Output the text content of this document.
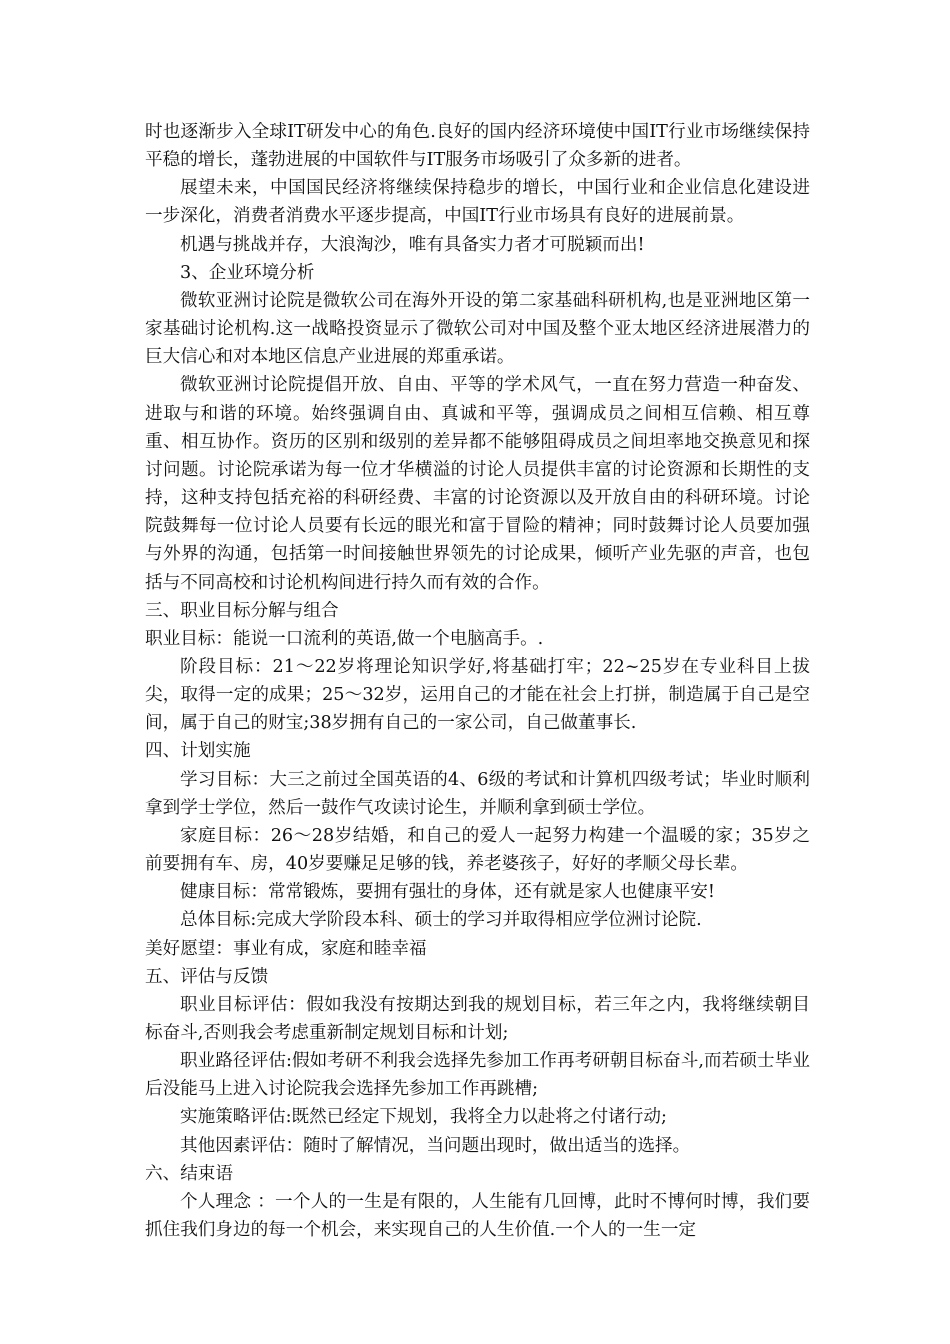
时也逐渐步入全球IT研发中心的角色.良好的国内经济环境使中国IT行业市场继续保持平稳的增长，蓬勃进展的中国软件与IT服务市场吸引了众多新的进者。

展望未来，中国国民经济将继续保持稳步的增长，中国行业和企业信息化建设进一步深化，消费者消费水平逐步提高，中国IT行业市场具有良好的进展前景。

机遇与挑战并存，大浪淘沙，唯有具备实力者才可脱颖而出!

3、企业环境分析

微软亚洲讨论院是微软公司在海外开设的第二家基础科研机构,也是亚洲地区第一家基础讨论机构.这一战略投资显示了微软公司对中国及整个亚太地区经济进展潜力的巨大信心和对本地区信息产业进展的郑重承诺。

微软亚洲讨论院提倡开放、自由、平等的学术风气，一直在努力营造一种奋发、进取与和谐的环境。始终强调自由、真诚和平等，强调成员之间相互信赖、相互尊重、相互协作。资历的区别和级别的差异都不能够阻碍成员之间坦率地交换意见和探讨问题。讨论院承诺为每一位才华横溢的讨论人员提供丰富的讨论资源和长期性的支持，这种支持包括充裕的科研经费、丰富的讨论资源以及开放自由的科研环境。讨论院鼓舞每一位讨论人员要有长远的眼光和富于冒险的精神；同时鼓舞讨论人员要加强与外界的沟通，包括第一时间接触世界领先的讨论成果，倾听产业先驱的声音，也包括与不同高校和讨论机构间进行持久而有效的合作。

三、职业目标分解与组合

职业目标：能说一口流利的英语,做一个电脑高手。.

阶段目标：21～22岁将理论知识学好,将基础打牢；22~25岁在专业科目上拔尖，取得一定的成果；25～32岁，运用自己的才能在社会上打拼，制造属于自己是空间，属于自己的财宝;38岁拥有自己的一家公司，自己做董事长.

四、计划实施

学习目标：大三之前过全国英语的4、6级的考试和计算机四级考试；毕业时顺利拿到学士学位，然后一鼓作气攻读讨论生，并顺利拿到硕士学位。

家庭目标：26～28岁结婚，和自己的爱人一起努力构建一个温暖的家；35岁之前要拥有车、房，40岁要赚足足够的钱，养老婆孩子，好好的孝顺父母长辈。

健康目标：常常锻炼，要拥有强壮的身体，还有就是家人也健康平安!

总体目标:完成大学阶段本科、硕士的学习并取得相应学位洲讨论院.

美好愿望：事业有成，家庭和睦幸福

五、评估与反馈

职业目标评估：假如我没有按期达到我的规划目标，若三年之内，我将继续朝目标奋斗,否则我会考虑重新制定规划目标和计划;

职业路径评估:假如考研不利我会选择先参加工作再考研朝目标奋斗,而若硕士毕业后没能马上进入讨论院我会选择先参加工作再跳槽;

实施策略评估:既然已经定下规划，我将全力以赴将之付诸行动;

其他因素评估：随时了解情况，当问题出现时，做出适当的选择。

六、结束语

个人理念 ：一个人的一生是有限的，人生能有几回博，此时不博何时博，我们要抓住我们身边的每一个机会，来实现自己的人生价值.一个人的一生一定
